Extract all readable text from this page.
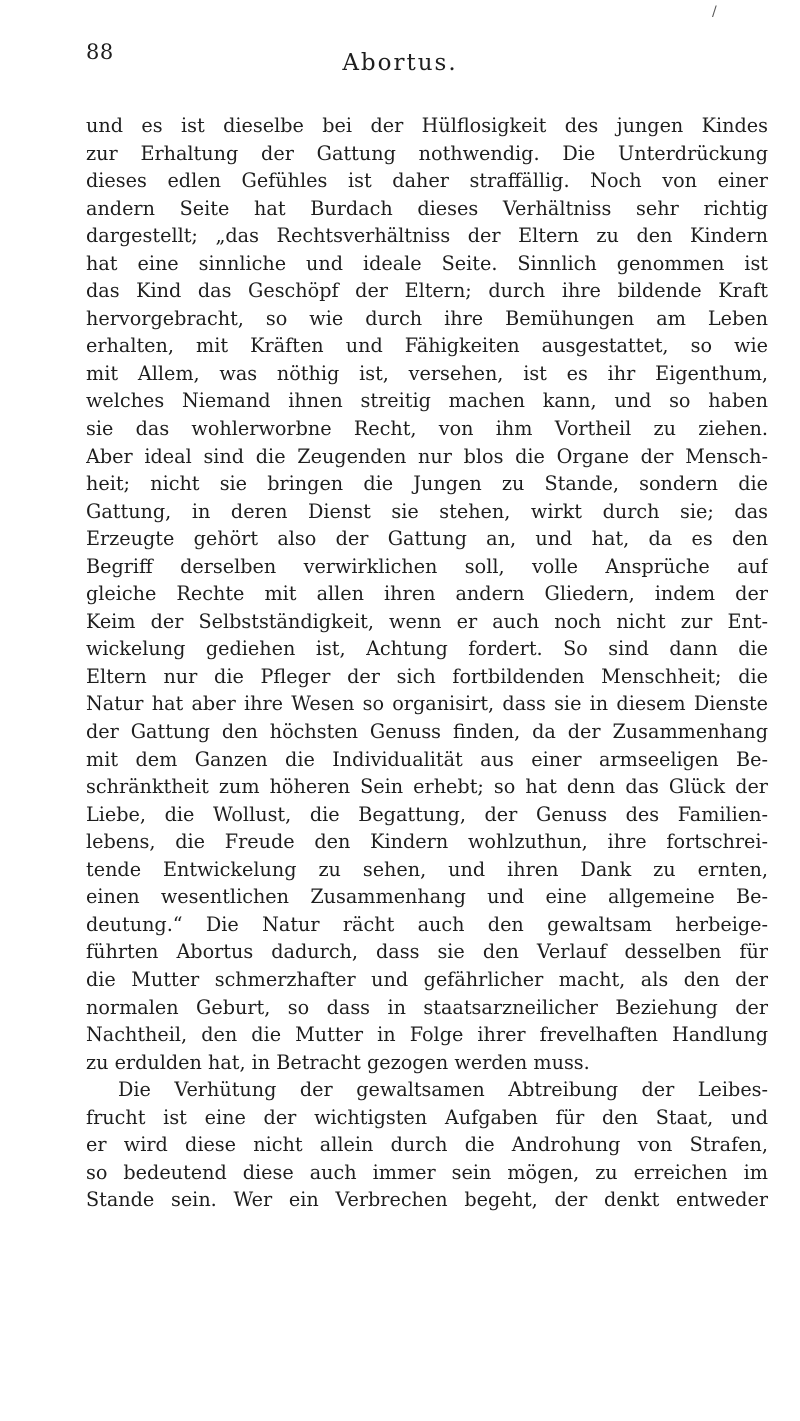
/
88	Abortus.
und es ist dieselbe bei der Hülflosigkeit des jungen Kindes
zur Erhaltung der Gattung nothwendig. Die Unterdrückung
dieses edlen Gefühles ist daher straffällig. Noch von einer
andern Seite hat Burdach dieses Verhältniss sehr richtig
dargestellt; „das Rechtsverhältniss der Eltern zu den Kindern
hat eine sinnliche und ideale Seite. Sinnlich genommen ist
das Kind das Geschöpf der Eltern; durch ihre bildende Kraft
hervorgebracht, so wie durch ihre Bemühungen am Leben
erhalten, mit Kräften und Fähigkeiten ausgestattet, so wie
mit Allem, was nöthig ist, versehen, ist es ihr Eigenthum,
welches Niemand ihnen streitig machen kann, und so haben
sie das wohlerworbne Recht, von ihm Vortheil zu ziehen.
Aber ideal sind die Zeugenden nur blos die Organe der Mensch-
heit; nicht sie bringen die Jungen zu Stande, sondern die
Gattung, in deren Dienst sie stehen, wirkt durch sie; das
Erzeugte gehört also der Gattung an, und hat, da es den
Begriff derselben verwirklichen soll, volle Ansprüche auf
gleiche Rechte mit allen ihren andern Gliedern, indem der
Keim der Selbstständigkeit, wenn er auch noch nicht zur Ent-
wickelung gediehen ist, Achtung fordert. So sind dann die
Eltern nur die Pfleger der sich fortbildenden Menschheit; die
Natur hat aber ihre Wesen so organisirt, dass sie in diesem Dienste
der Gattung den höchsten Genuss finden, da der Zusammenhang
mit dem Ganzen die Individualität aus einer armseeligen Be-
schränktheit zum höheren Sein erhebt; so hat denn das Glück der
Liebe, die Wollust, die Begattung, der Genuss des Familien-
lebens, die Freude den Kindern wohlzuthun, ihre fortschrei-
tende Entwickelung zu sehen, und ihren Dank zu ernten,
einen wesentlichen Zusammenhang und eine allgemeine Be-
deutung.“ Die Natur rächt auch den gewaltsam herbeige-
führten Abortus dadurch, dass sie den Verlauf desselben für
die Mutter schmerzhafter und gefährlicher macht, als den der
normalen Geburt, so dass in staatsarzneilicher Beziehung der
Nachtheil, den die Mutter in Folge ihrer frevelhaften Handlung
zu erdulden hat, in Betracht gezogen werden muss.
Die Verhütung der gewaltsamen Abtreibung der Leibes-
frucht ist eine der wichtigsten Aufgaben für den Staat, und
er wird diese nicht allein durch die Androhung von Strafen,
so bedeutend diese auch immer sein mögen, zu erreichen im
Stande sein. Wer ein Verbrechen begeht, der denkt entweder
